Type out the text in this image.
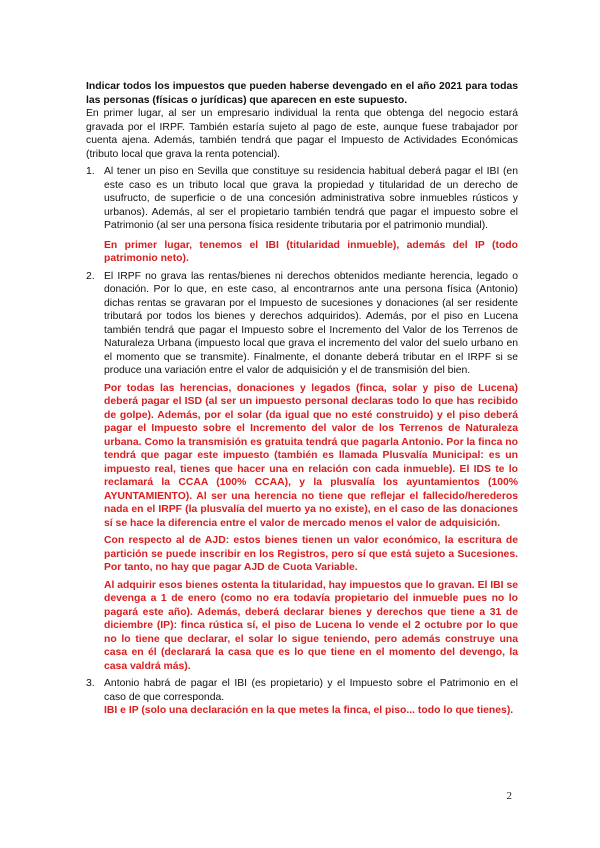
Indicar todos los impuestos que pueden haberse devengado en el año 2021 para todas las personas (físicas o jurídicas) que aparecen en este supuesto.

En primer lugar, al ser un empresario individual la renta que obtenga del negocio estará gravada por el IRPF. También estaría sujeto al pago de este, aunque fuese trabajador por cuenta ajena. Además, también tendrá que pagar el Impuesto de Actividades Económicas (tributo local que grava la renta potencial).

1. Al tener un piso en Sevilla que constituye su residencia habitual deberá pagar el IBI (en este caso es un tributo local que grava la propiedad y titularidad de un derecho de usufructo, de superficie o de una concesión administrativa sobre inmuebles rústicos y urbanos). Además, al ser el propietario también tendrá que pagar el impuesto sobre el Patrimonio (al ser una persona física residente tributaria por el patrimonio mundial).

En primer lugar, tenemos el IBI (titularidad inmueble), además del IP (todo patrimonio neto).

2. El IRPF no grava las rentas/bienes ni derechos obtenidos mediante herencia, legado o donación. Por lo que, en este caso, al encontrarnos ante una persona física (Antonio) dichas rentas se gravaran por el Impuesto de sucesiones y donaciones (al ser residente tributará por todos los bienes y derechos adquiridos). Además, por el piso en Lucena también tendrá que pagar el Impuesto sobre el Incremento del Valor de los Terrenos de Naturaleza Urbana (impuesto local que grava el incremento del valor del suelo urbano en el momento que se transmite). Finalmente, el donante deberá tributar en el IRPF si se produce una variación entre el valor de adquisición y el de transmisión del bien.

Por todas las herencias, donaciones y legados (finca, solar y piso de Lucena) deberá pagar el ISD (al ser un impuesto personal declaras todo lo que has recibido de golpe). Además, por el solar (da igual que no esté construido) y el piso deberá pagar el Impuesto sobre el Incremento del valor de los Terrenos de Naturaleza urbana. Como la transmisión es gratuita tendrá que pagarla Antonio. Por la finca no tendrá que pagar este impuesto (también es llamada Plusvalía Municipal: es un impuesto real, tienes que hacer una en relación con cada inmueble). El IDS te lo reclamará la CCAA (100% CCAA), y la plusvalía los ayuntamientos (100% AYUNTAMIENTO). Al ser una herencia no tiene que reflejar el fallecido/herederos nada en el IRPF (la plusvalía del muerto ya no existe), en el caso de las donaciones sí se hace la diferencia entre el valor de mercado menos el valor de adquisición.

Con respecto al de AJD: estos bienes tienen un valor económico, la escritura de partición se puede inscribir en los Registros, pero sí que está sujeto a Sucesiones. Por tanto, no hay que pagar AJD de Cuota Variable.

Al adquirir esos bienes ostenta la titularidad, hay impuestos que lo gravan. El IBI se devenga a 1 de enero (como no era todavía propietario del inmueble pues no lo pagará este año). Además, deberá declarar bienes y derechos que tiene a 31 de diciembre (IP): finca rústica sí, el piso de Lucena lo vende el 2 octubre por lo que no lo tiene que declarar, el solar lo sigue teniendo, pero además construye una casa en él (declarará la casa que es lo que tiene en el momento del devengo, la casa valdrá más).

3. Antonio habrá de pagar el IBI (es propietario) y el Impuesto sobre el Patrimonio en el caso de que corresponda.

IBI e IP (solo una declaración en la que metes la finca, el piso... todo lo que tienes).

2
